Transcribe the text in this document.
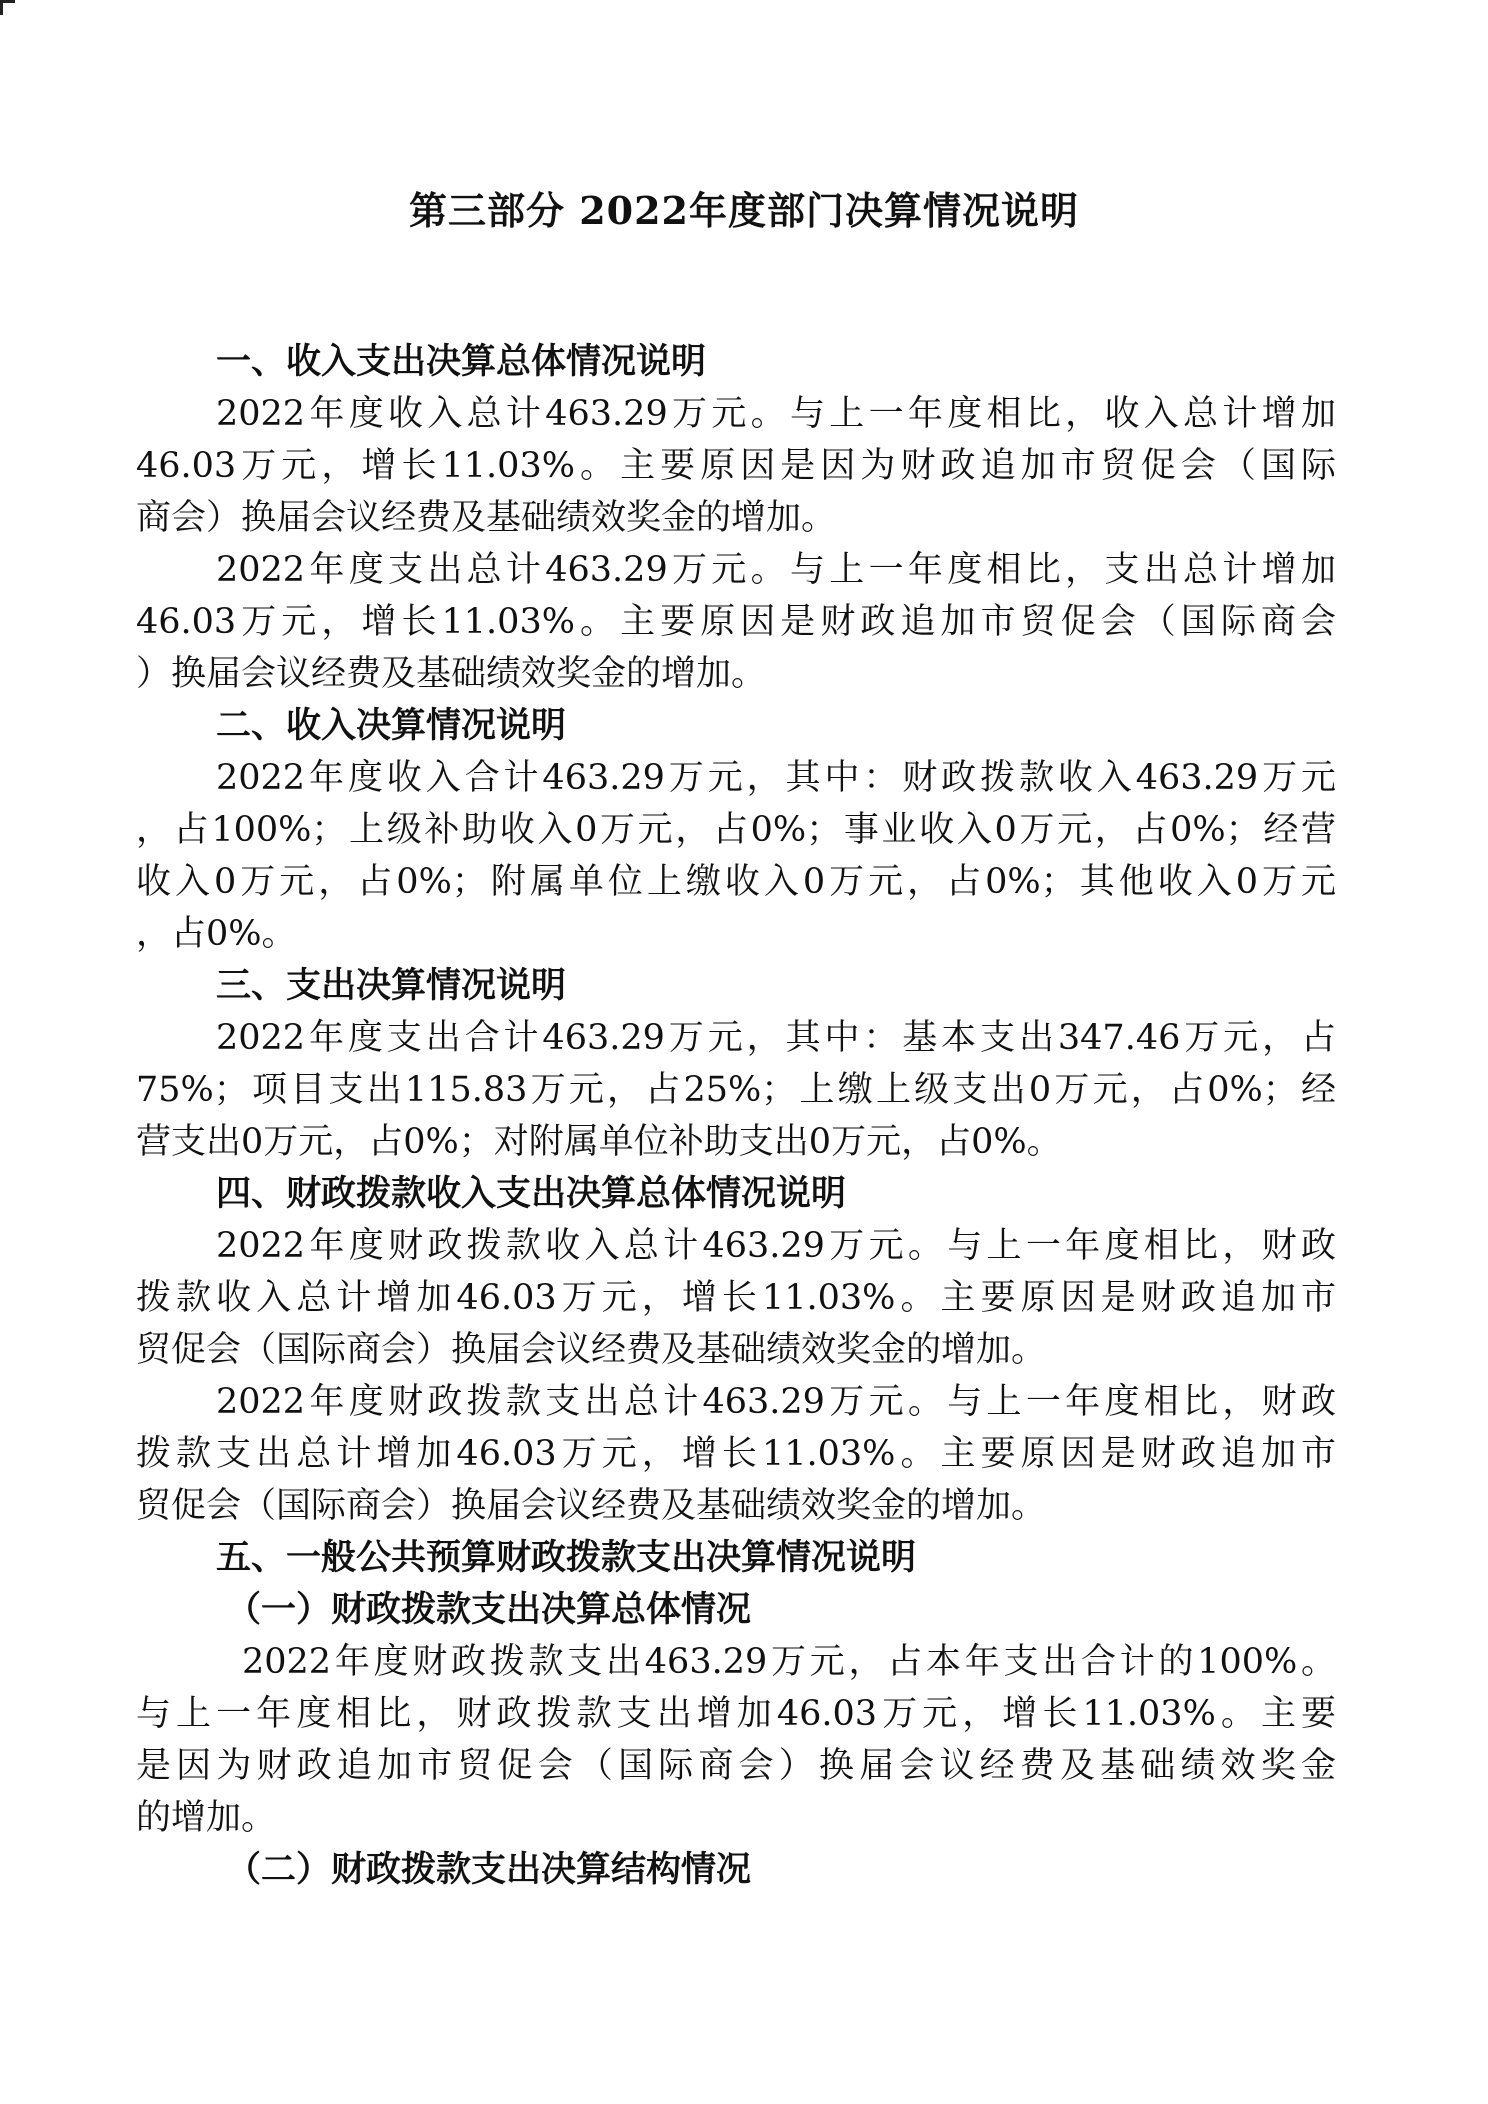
第三部分 2022年度部门决算情况说明
一、收入支出决算总体情况说明
2022年度收入总计463.29万元。与上一年度相比，收入总计增加
46.03万元，增长11.03%。主要原因是因为财政追加市贸促会（国际
商会）换届会议经费及基础绩效奖金的增加。
2022年度支出总计463.29万元。与上一年度相比，支出总计增加
46.03万元，增长11.03%。主要原因是财政追加市贸促会（国际商会
）换届会议经费及基础绩效奖金的增加。
二、收入决算情况说明
2022年度收入合计463.29万元，其中：财政拨款收入463.29万元
，占100%；上级补助收入0万元，占0%；事业收入0万元，占0%；经营
收入0万元，占0%；附属单位上缴收入0万元，占0%；其他收入0万元
，占0%。
三、支出决算情况说明
2022年度支出合计463.29万元，其中：基本支出347.46万元，占
75%；项目支出115.83万元，占25%；上缴上级支出0万元，占0%；经
营支出0万元，占0%；对附属单位补助支出0万元，占0%。
四、财政拨款收入支出决算总体情况说明
2022年度财政拨款收入总计463.29万元。与上一年度相比，财政
拨款收入总计增加46.03万元，增长11.03%。主要原因是财政追加市
贸促会（国际商会）换届会议经费及基础绩效奖金的增加。
2022年度财政拨款支出总计463.29万元。与上一年度相比，财政
拨款支出总计增加46.03万元，增长11.03%。主要原因是财政追加市
贸促会（国际商会）换届会议经费及基础绩效奖金的增加。
五、一般公共预算财政拨款支出决算情况说明
（一）财政拨款支出决算总体情况
2022年度财政拨款支出463.29万元，占本年支出合计的100%。
与上一年度相比，财政拨款支出增加46.03万元，增长11.03%。主要
是因为财政追加市贸促会（国际商会）换届会议经费及基础绩效奖金
的增加。
（二）财政拨款支出决算结构情况
